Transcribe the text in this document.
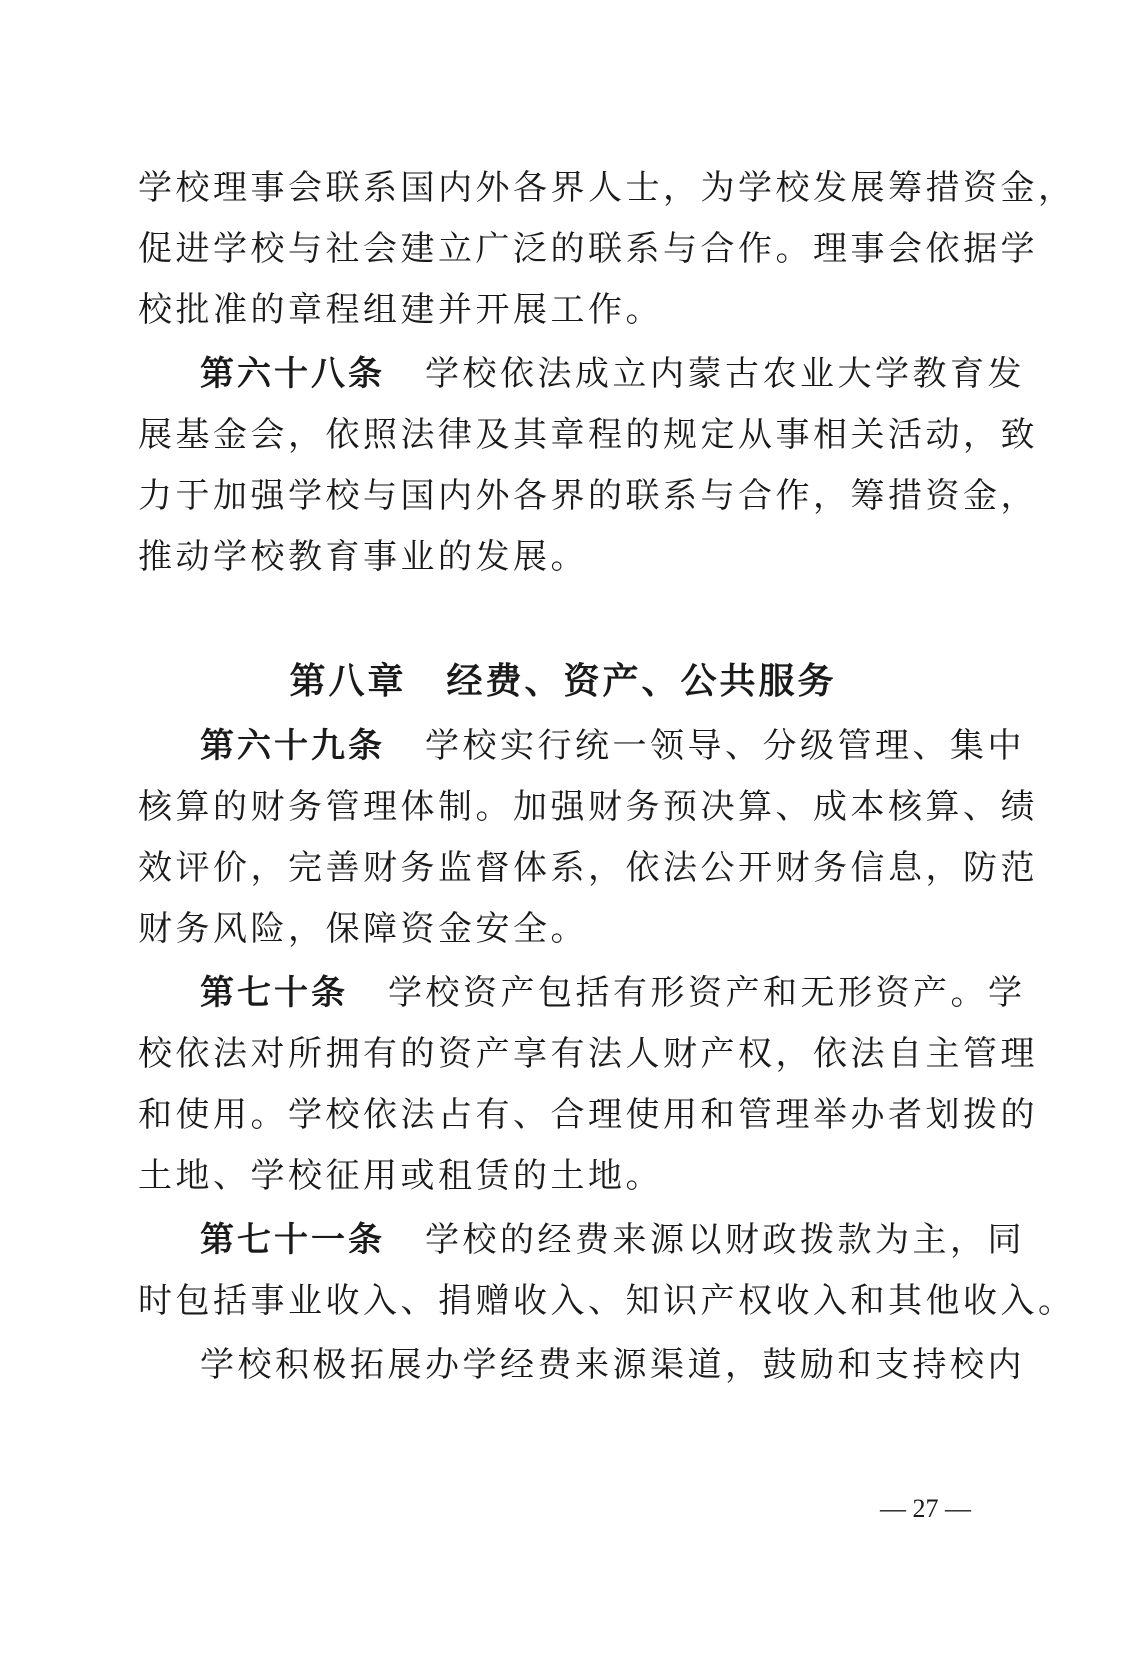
学校理事会联系国内外各界人士，为学校发展筹措资金，
促进学校与社会建立广泛的联系与合作。理事会依据学
校批准的章程组建并开展工作。
第六十八条 学校依法成立内蒙古农业大学教育发
展基金会，依照法律及其章程的规定从事相关活动，致
力于加强学校与国内外各界的联系与合作，筹措资金，
推动学校教育事业的发展。
第八章 经费、资产、公共服务
第六十九条 学校实行统一领导、分级管理、集中
核算的财务管理体制。加强财务预决算、成本核算、绩
效评价，完善财务监督体系，依法公开财务信息，防范
财务风险，保障资金安全。
第七十条 学校资产包括有形资产和无形资产。学
校依法对所拥有的资产享有法人财产权，依法自主管理
和使用。学校依法占有、合理使用和管理举办者划拨的
土地、学校征用或租赁的土地。
第七十一条 学校的经费来源以财政拨款为主，同
时包括事业收入、捐赠收入、知识产权收入和其他收入。
学校积极拓展办学经费来源渠道，鼓励和支持校内
— 27 —
